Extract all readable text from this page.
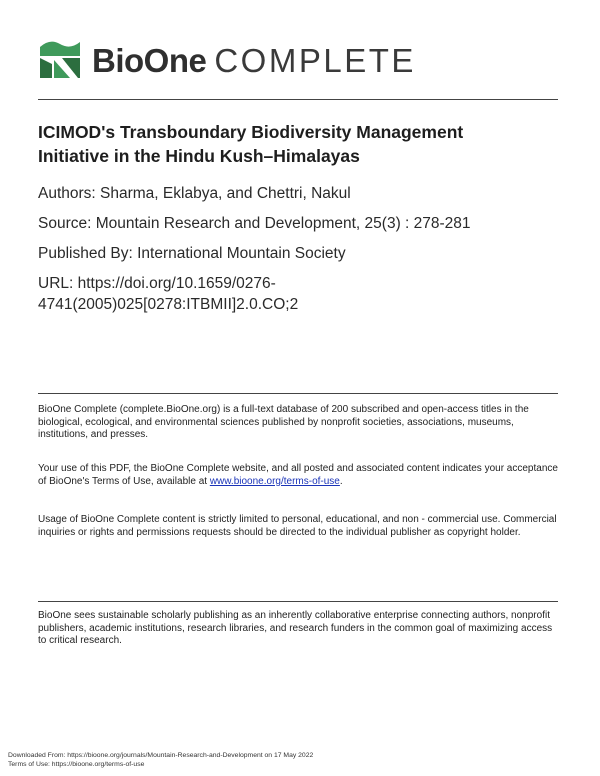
BioOne COMPLETE
ICIMOD's Transboundary Biodiversity Management
Initiative in the Hindu Kush–Himalayas
Authors: Sharma, Eklabya, and Chettri, Nakul
Source: Mountain Research and Development, 25(3) : 278-281
Published By: International Mountain Society
URL: https://doi.org/10.1659/0276-
4741(2005)025[0278:ITBMII]2.0.CO;2
BioOne Complete (complete.BioOne.org) is a full-text database of 200 subscribed and open-access titles in the biological, ecological, and environmental sciences published by nonprofit societies, associations, museums, institutions, and presses.
Your use of this PDF, the BioOne Complete website, and all posted and associated content indicates your acceptance of BioOne's Terms of Use, available at www.bioone.org/terms-of-use.
Usage of BioOne Complete content is strictly limited to personal, educational, and non - commercial use. Commercial inquiries or rights and permissions requests should be directed to the individual publisher as copyright holder.
BioOne sees sustainable scholarly publishing as an inherently collaborative enterprise connecting authors, nonprofit publishers, academic institutions, research libraries, and research funders in the common goal of maximizing access to critical research.
Downloaded From: https://bioone.org/journals/Mountain-Research-and-Development on 17 May 2022
Terms of Use: https://bioone.org/terms-of-use
